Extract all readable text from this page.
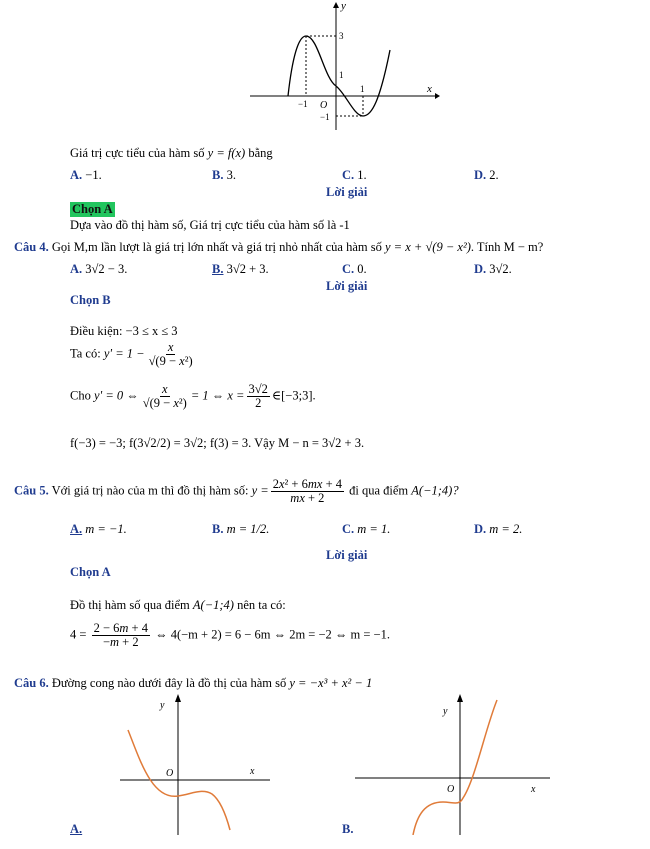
y
x
O
3
1
1
−1
−1
Giá trị cực tiểu của hàm số y = f(x) bằng
A. −1.	B. 3.	C. 1.	D. 2.
Lời giải
Chọn A
Dựa vào đồ thị hàm số, Giá trị cực tiểu của hàm số là -1
Câu 4. Gọi M,m lần lượt là giá trị lớn nhất và giá trị nhỏ nhất của hàm số y = x + √(9 − x²). Tính M − m?
A. 3√2 − 3.	B. 3√2 + 3.	C. 0.	D. 3√2.
Lời giải
Chọn B
Điều kiện: −3 ≤ x ≤ 3
Ta có: $y' = 1 - \frac{x}{\text{√(9 − x²)}}$
Cho y' = 0 ⇔ $\frac{x}{\text{√(9 − x²)}} = 1$ ⇔ $x = \frac{3√2}{2}$ ∈[−3;3].
f(−3) = −3; f(3√2/2) = 3√2; f(3) = 3. Vậy M − n = 3√2 + 3.
Câu 5. Với giá trị nào của m thì đồ thị hàm số: $y = \frac{\text{2x² + 6mx + 4}}{mx + 2}$ đi qua điểm A(−1;4)?
A. m = −1.	B. m = 1/2.	C. m = 1.	D. m = 2.
Lời giải
Chọn A
Đồ thị hàm số qua điểm A(−1;4) nên ta có:
$4 = \frac{2 - 6m + 4}{-m + 2}$ ⇔ 4(−m + 2) = 6 − 6m ⇔ 2m = −2 ⇔ m = −1.
Câu 6. Đường cong nào dưới đây là đồ thị của hàm số y = −x³ + x² − 1
y
x
O
A.
y
x
O
B.
